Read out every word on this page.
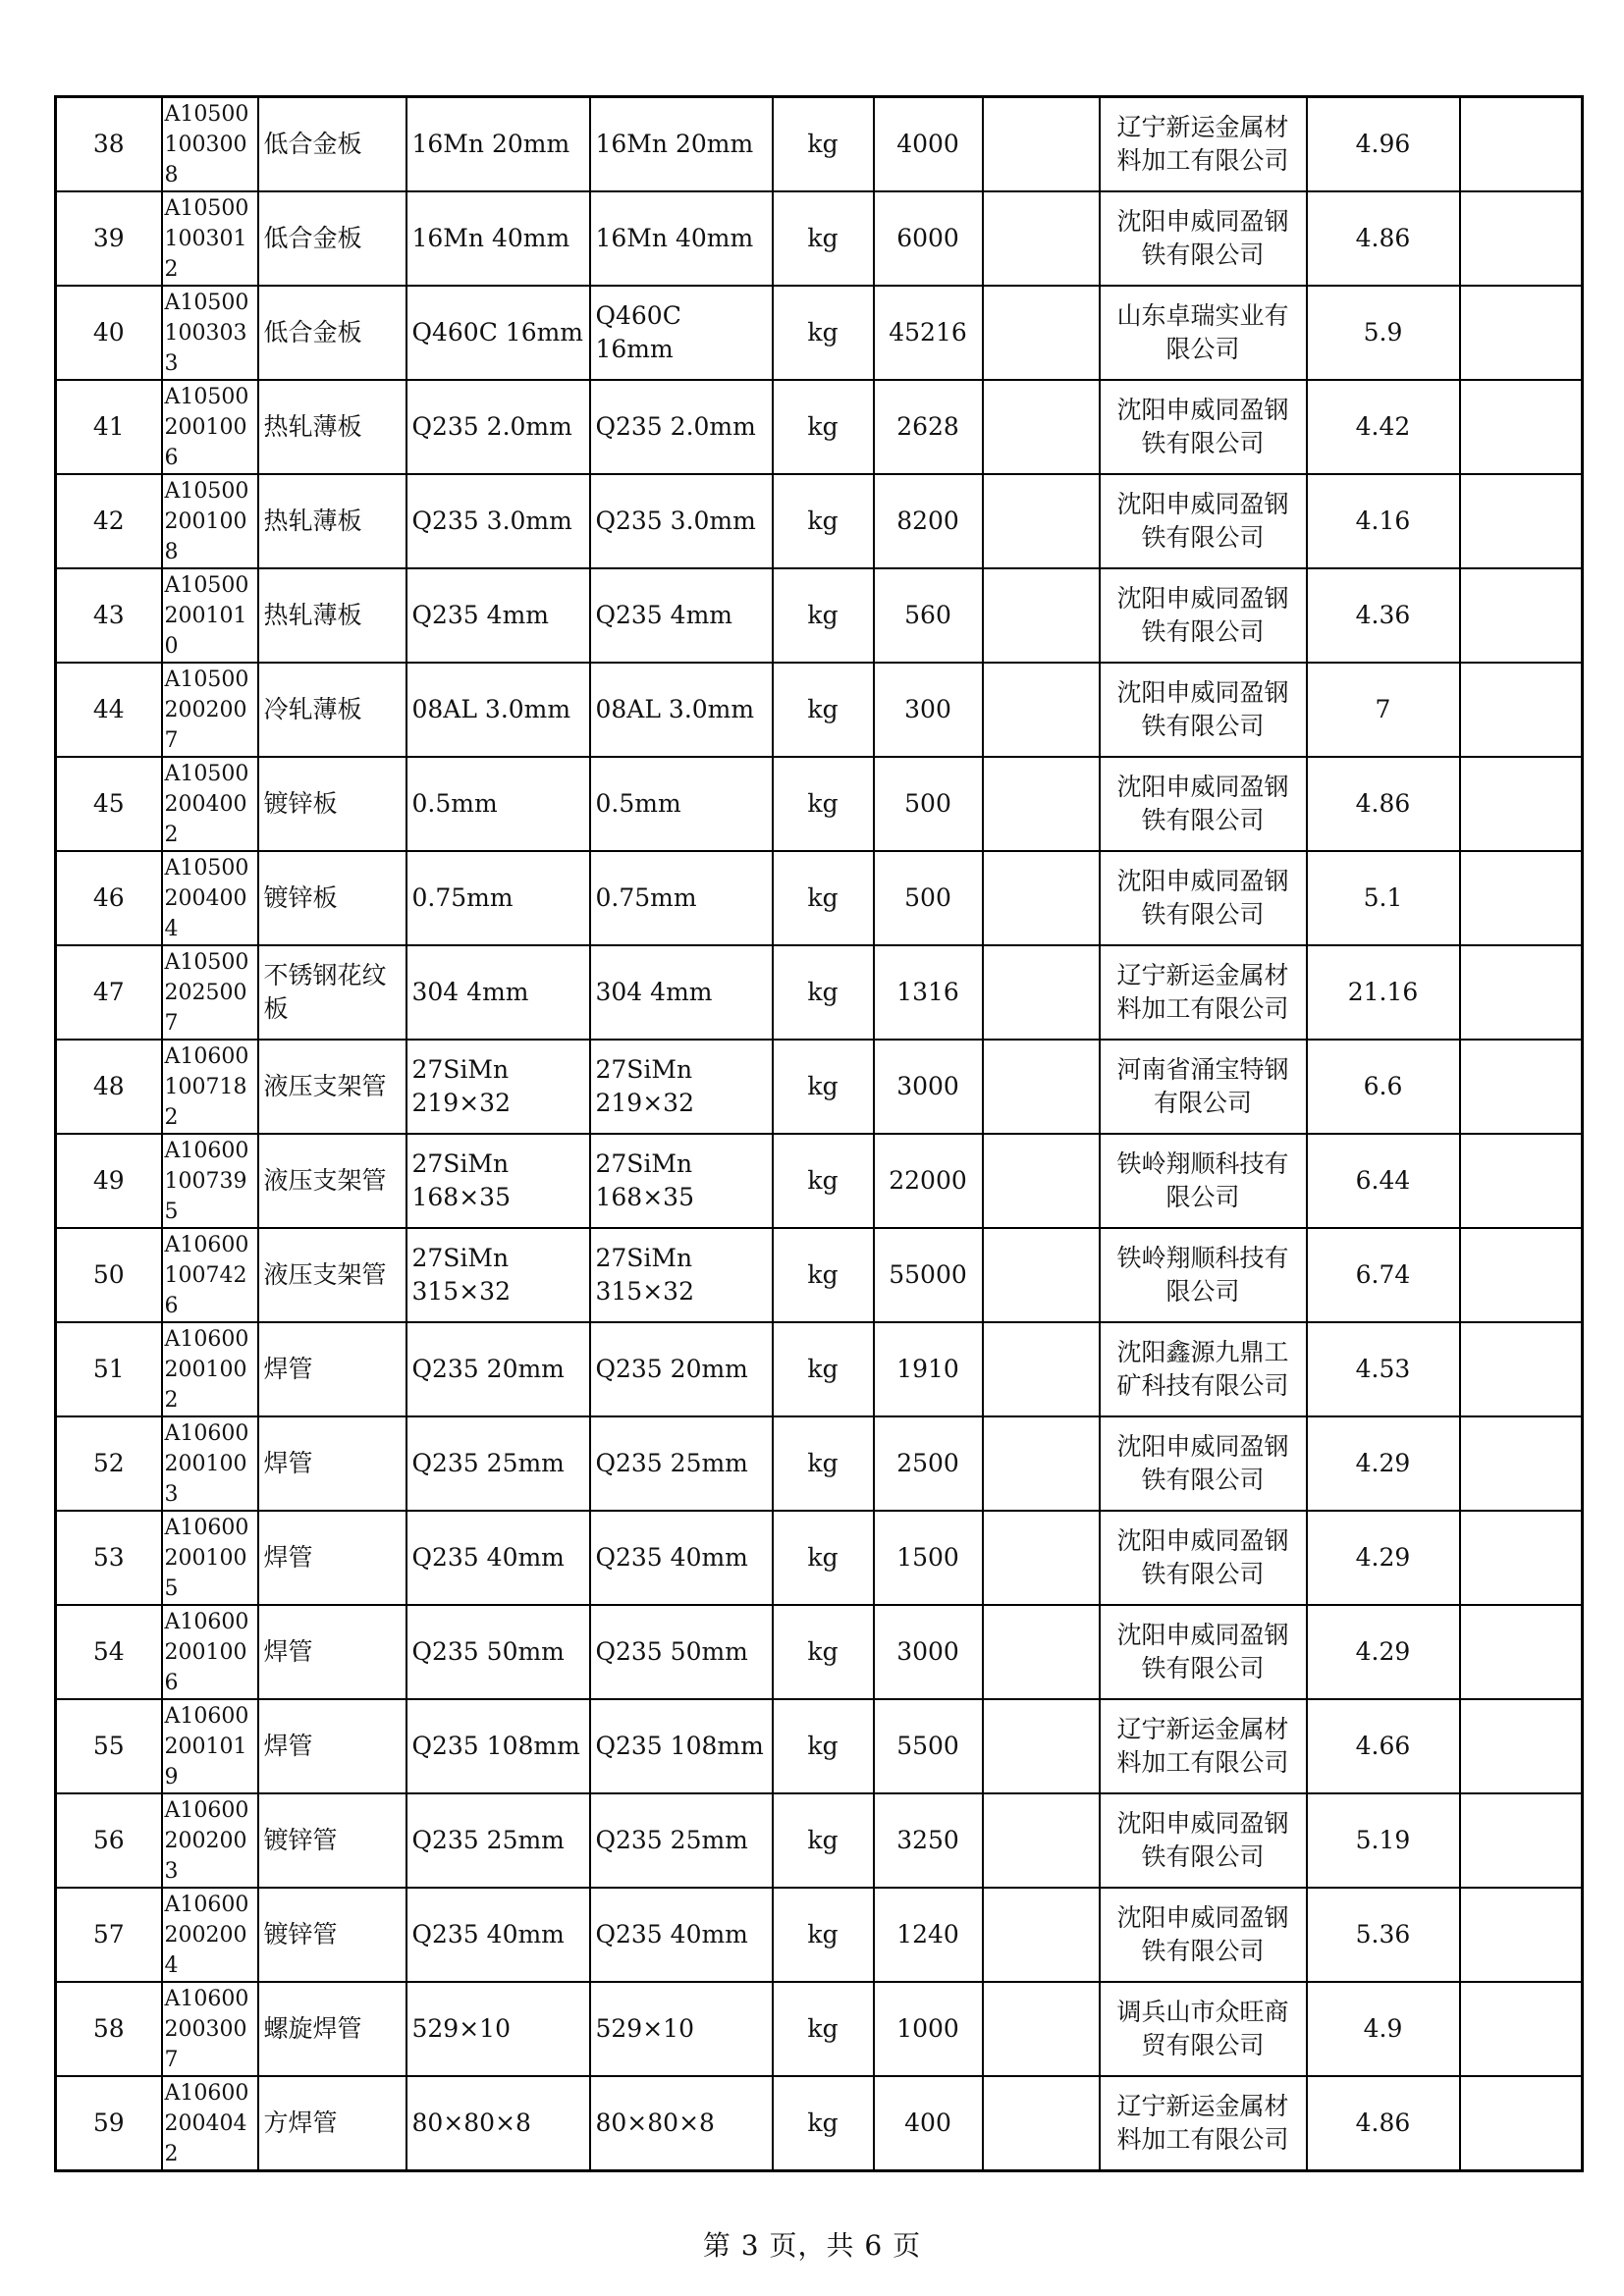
38	A105001003008	低合金板	16Mn 20mm	16Mn 20mm	kg	4000		辽宁新运金属材料加工有限公司	4.96	
39	A105001003012	低合金板	16Mn 40mm	16Mn 40mm	kg	6000		沈阳申威同盈钢铁有限公司	4.86	
40	A105001003033	低合金板	Q460C 16mm	Q460C 16mm	kg	45216		山东卓瑞实业有限公司	5.9	
41	A105002001006	热轧薄板	Q235 2.0mm	Q235 2.0mm	kg	2628		沈阳申威同盈钢铁有限公司	4.42	
42	A105002001008	热轧薄板	Q235 3.0mm	Q235 3.0mm	kg	8200		沈阳申威同盈钢铁有限公司	4.16	
43	A105002001010	热轧薄板	Q235 4mm	Q235 4mm	kg	560		沈阳申威同盈钢铁有限公司	4.36	
44	A105002002007	冷轧薄板	08AL 3.0mm	08AL 3.0mm	kg	300		沈阳申威同盈钢铁有限公司	7	
45	A105002004002	镀锌板	0.5mm	0.5mm	kg	500		沈阳申威同盈钢铁有限公司	4.86	
46	A105002004004	镀锌板	0.75mm	0.75mm	kg	500		沈阳申威同盈钢铁有限公司	5.1	
47	A105002025007	不锈钢花纹板	304 4mm	304 4mm	kg	1316		辽宁新运金属材料加工有限公司	21.16	
48	A106001007182	液压支架管	27SiMn 219×32	27SiMn 219×32	kg	3000		河南省涌宝特钢有限公司	6.6	
49	A106001007395	液压支架管	27SiMn 168×35	27SiMn 168×35	kg	22000		铁岭翔顺科技有限公司	6.44	
50	A106001007426	液压支架管	27SiMn 315×32	27SiMn 315×32	kg	55000		铁岭翔顺科技有限公司	6.74	
51	A106002001002	焊管	Q235 20mm	Q235 20mm	kg	1910		沈阳鑫源九鼎工矿科技有限公司	4.53	
52	A106002001003	焊管	Q235 25mm	Q235 25mm	kg	2500		沈阳申威同盈钢铁有限公司	4.29	
53	A106002001005	焊管	Q235 40mm	Q235 40mm	kg	1500		沈阳申威同盈钢铁有限公司	4.29	
54	A106002001006	焊管	Q235 50mm	Q235 50mm	kg	3000		沈阳申威同盈钢铁有限公司	4.29	
55	A106002001019	焊管	Q235 108mm	Q235 108mm	kg	5500		辽宁新运金属材料加工有限公司	4.66	
56	A106002002003	镀锌管	Q235 25mm	Q235 25mm	kg	3250		沈阳申威同盈钢铁有限公司	5.19	
57	A106002002004	镀锌管	Q235 40mm	Q235 40mm	kg	1240		沈阳申威同盈钢铁有限公司	5.36	
58	A106002003007	螺旋焊管	529×10	529×10	kg	1000		调兵山市众旺商贸有限公司	4.9	
59	A106002004042	方焊管	80×80×8	80×80×8	kg	400		辽宁新运金属材料加工有限公司	4.86	
第 3 页，共 6 页
